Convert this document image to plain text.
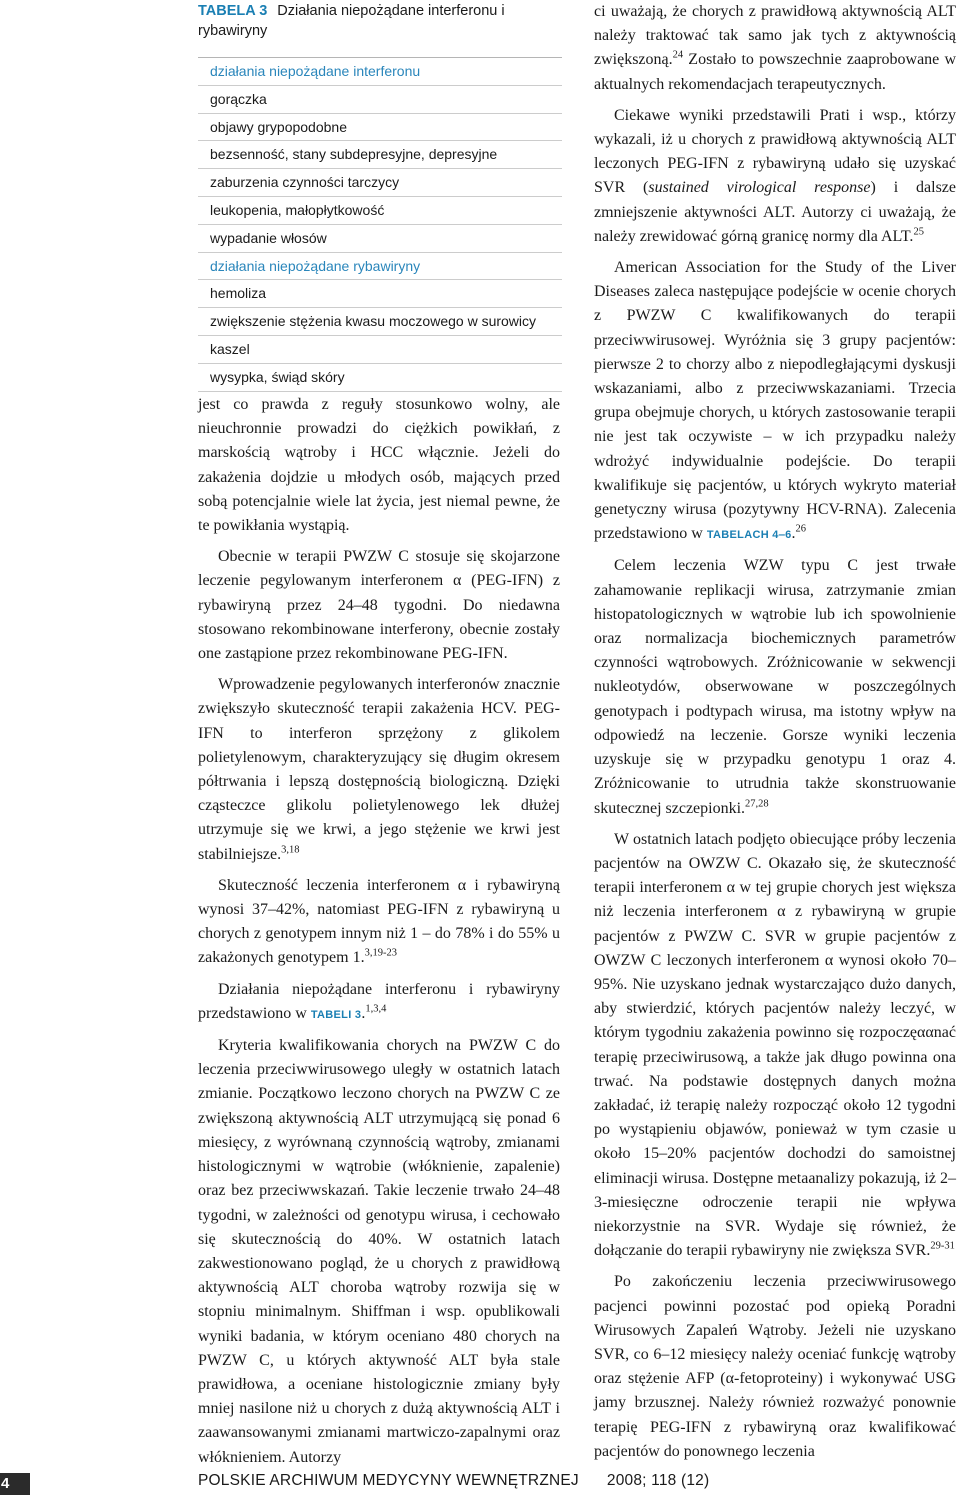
TABELA 3 Działania niepożądane interferonu i rybawiryny
działania niepożądane interferonu
gorączka
objawy grypopodobne
bezsenność, stany subdepresyjne, depresyjne
zaburzenia czynności tarczycy
leukopenia, małopłytkowość
wypadanie włosów
działania niepożądane rybawiryny
hemoliza
zwiększenie stężenia kwasu moczowego w surowicy
kaszel
wysypka, świąd skóry

jest co prawda z reguły stosunkowo wolny, ale nieuchronnie prowadzi do ciężkich powikłań, z marskością wątroby i HCC włącznie. Jeżeli do zakażenia dojdzie u młodych osób, mających przed sobą potencjalnie wiele lat życia, jest niemal pewne, że te powikłania wystąpią.

Obecnie w terapii PWZW C stosuje się skojarzone leczenie pegylowanym interferonem α (PEG-IFN) z rybawiryną przez 24‒48 tygodni. Do niedawna stosowano rekombinowane interferony, obecnie zostały one zastąpione przez rekombinowane PEG-IFN.

Wprowadzenie pegylowanych interferonów znacznie zwiększyło skuteczność terapii zakażenia HCV. PEG-IFN to interferon sprzężony z glikolem polietylenowym, charakteryzujący się długim okresem półtrwania i lepszą dostępnością biologiczną. Dzięki cząsteczce glikolu polietylenowego lek dłużej utrzymuje się we krwi, a jego stężenie we krwi jest stabilniejsze.$^{3,18}$

Skuteczność leczenia interferonem α i rybawiryną wynosi 37‒42%, natomiast PEG-IFN z rybawiryną u chorych z genotypem innym niż 1 ‒ do 78% i do 55% u zakażonych genotypem 1.$^{3,19-23}$

Działania niepożądane interferonu i rybawiryny przedstawiono w TABELI 3.$^{1,3,4}$

Kryteria kwalifikowania chorych na PWZW C do leczenia przeciwwirusowego uległy w ostatnich latach zmianie. Początkowo leczono chorych na PWZW C ze zwiększoną aktywnością ALT utrzymującą się ponad 6 miesięcy, z wyrównaną czynnością wątroby, zmianami histologicznymi w wątrobie (włóknienie, zapalenie) oraz bez przeciwwskazań. Takie leczenie trwało 24‒48 tygodni, w zależności od genotypu wirusa, i cechowało się skutecznością do 40%. W ostatnich latach zakwestionowano pogląd, że u chorych z prawidłową aktywnością ALT choroba wątroby rozwija się w stopniu minimalnym. Shiffman i wsp. opublikowali wyniki badania, w którym oceniano 480 chorych na PWZW C, u których aktywność ALT była stale prawidłowa, a oceniane histologicznie zmiany były mniej nasilone niż u chorych z dużą aktywnością ALT i zaawansowanymi zmianami martwiczo-zapalnymi oraz włóknieniem. Autorzy

ci uważają, że chorych z prawidłową aktywnością ALT należy traktować tak samo jak tych z aktywnością zwiększoną.$^{24}$ Zostało to powszechnie zaaprobowane w aktualnych rekomendacjach terapeutycznych.

Ciekawe wyniki przedstawili Prati i wsp., którzy wykazali, iż u chorych z prawidłową aktywnością ALT leczonych PEG-IFN z rybawiryną udało się uzyskać SVR (sustained virological response) i dalsze zmniejszenie aktywności ALT. Autorzy ci uważają, że należy zrewidować górną granicę normy dla ALT.$^{25}$

American Association for the Study of the Liver Diseases zaleca następujące podejście w ocenie chorych z PWZW C kwalifikowanych do terapii przeciwwirusowej. Wyróżnia się 3 grupy pacjentów: pierwsze 2 to chorzy albo z niepodległającymi dyskusji wskazaniami, albo z przeciwwskazaniami. Trzecia grupa obejmuje chorych, u których zastosowanie terapii nie jest tak oczywiste ‒ w ich przypadku należy wdrożyć indywidualnie podejście. Do terapii kwalifikuje się pacjentów, u których wykryto materiał genetyczny wirusa (pozytywny HCV-RNA). Zalecenia przedstawiono w TABELACH 4‒6.26

Celem leczenia WZW typu C jest trwałe zahamowanie replikacji wirusa, zatrzymanie zmian histopatologicznych w wątrobie lub ich spowolnienie oraz normalizacja biochemicznych parametrów czynności wątrobowych. Zróżnicowanie w sekwencji nukleotydów, obserwowane w poszczególnych genotypach i podtypach wirusa, ma istotny wpływ na odpowiedź na leczenie. Gorsze wyniki leczenia uzyskuje się w przypadku genotypu 1 oraz 4. Zróżnicowanie to utrudnia także skonstruowanie skutecznej szczepionki.$^{27,28}$

W ostatnich latach podjęto obiecujące próby leczenia pacjentów na OWZW C. Okazało się, że skuteczność terapii interferonem α w tej grupie chorych jest większa niż leczenia interferonem α z rybawiryną w grupie pacjentów z PWZW C. SVR w grupie pacjentów z OWZW C leczonych interferonem α wynosi około 70‒95%. Nie uzyskano jednak wystarczająco dużo danych, aby stwierdzić, których pacjentów należy leczyć, w którym tygodniu zakażenia powinno się rozpoczęααnać terapię przeciwirusową, a także jak długo powinna ona trwać. Na podstawie dostępnych danych można zakładać, iż terapię należy rozpocząć około 12 tygodni po wystąpieniu objawów, ponieważ w tym czasie u około 15‒20% pacjentów dochodzi do samoistnej eliminacji wirusa. Dostępne metaanalizy pokazują, iż 2‒3-miesięczne odroczenie terapii nie wpływa niekorzystnie na SVR. Wydaje się również, że dołączanie do terapii rybawiryny nie zwiększa SVR.$^{29-31}$

Po zakończeniu leczenia przeciwwirusowego pacjenci powinni pozostać pod opieką Poradni Wirusowych Zapaleń Wątroby. Jeżeli nie uzyskano SVR, co 6‒12 miesięcy należy oceniać funkcję wątroby oraz stężenie AFP (α-fetoproteiny) i wykonywać USG jamy brzusznej. Należy również rozważyć ponownie terapię PEG-IFN z rybawiryną oraz kwalifikować pacjentów do ponownego leczenia

4	POLSKIE ARCHIWUM MEDYCYNY WEWNĘTRZNEJ 2008; 118 (12)
